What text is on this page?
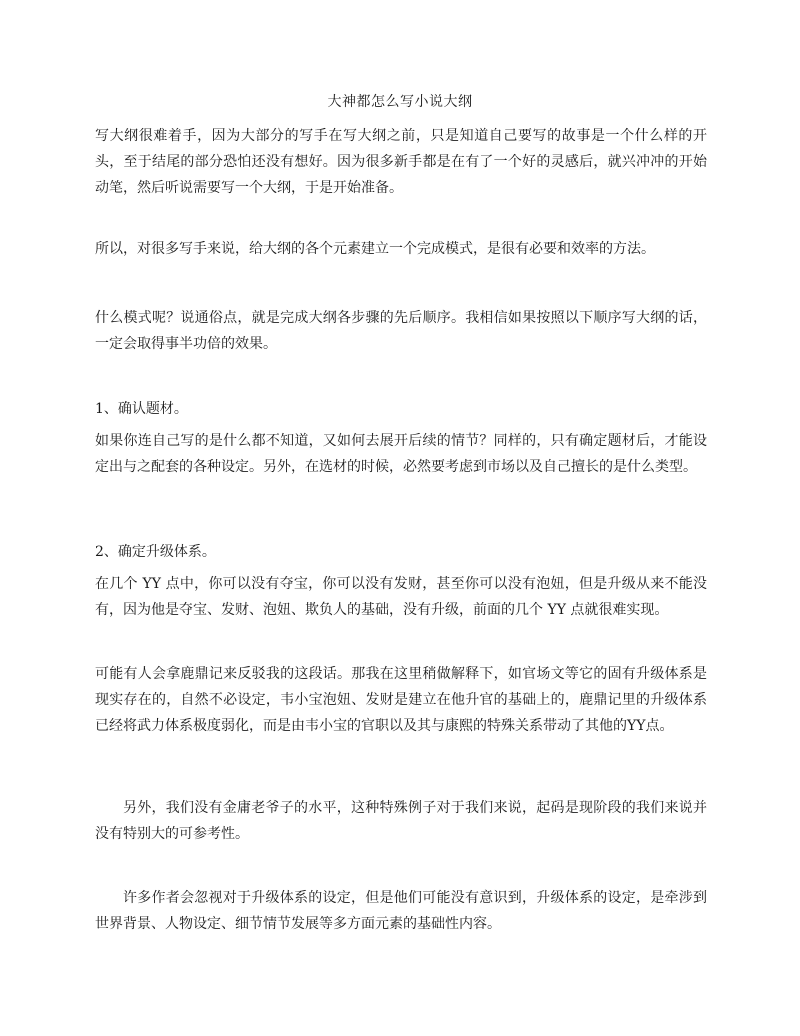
大神都怎么写小说大纲

写大纲很难着手，因为大部分的写手在写大纲之前，只是知道自己要写的故事是一个什么样的开头，至于结尾的部分恐怕还没有想好。因为很多新手都是在有了一个好的灵感后，就兴冲冲的开始动笔，然后听说需要写一个大纲，于是开始准备。

所以，对很多写手来说，给大纲的各个元素建立一个完成模式，是很有必要和效率的方法。

什么模式呢？说通俗点，就是完成大纲各步骤的先后顺序。我相信如果按照以下顺序写大纲的话，一定会取得事半功倍的效果。

1、确认题材。

如果你连自己写的是什么都不知道，又如何去展开后续的情节？同样的，只有确定题材后，才能设定出与之配套的各种设定。另外，在选材的时候，必然要考虑到市场以及自己擅长的是什么类型。

2、确定升级体系。

在几个 YY 点中，你可以没有夺宝，你可以没有发财，甚至你可以没有泡妞，但是升级从来不能没有，因为他是夺宝、发财、泡妞、欺负人的基础，没有升级，前面的几个 YY 点就很难实现。

可能有人会拿鹿鼎记来反驳我的这段话。那我在这里稍做解释下，如官场文等它的固有升级体系是现实存在的，自然不必设定，韦小宝泡妞、发财是建立在他升官的基础上的，鹿鼎记里的升级体系已经将武力体系极度弱化，而是由韦小宝的官职以及其与康熙的特殊关系带动了其他的YY点。

另外，我们没有金庸老爷子的水平，这种特殊例子对于我们来说，起码是现阶段的我们来说并没有特别大的可参考性。

许多作者会忽视对于升级体系的设定，但是他们可能没有意识到，升级体系的设定，是牵涉到世界背景、人物设定、细节情节发展等多方面元素的基础性内容。
